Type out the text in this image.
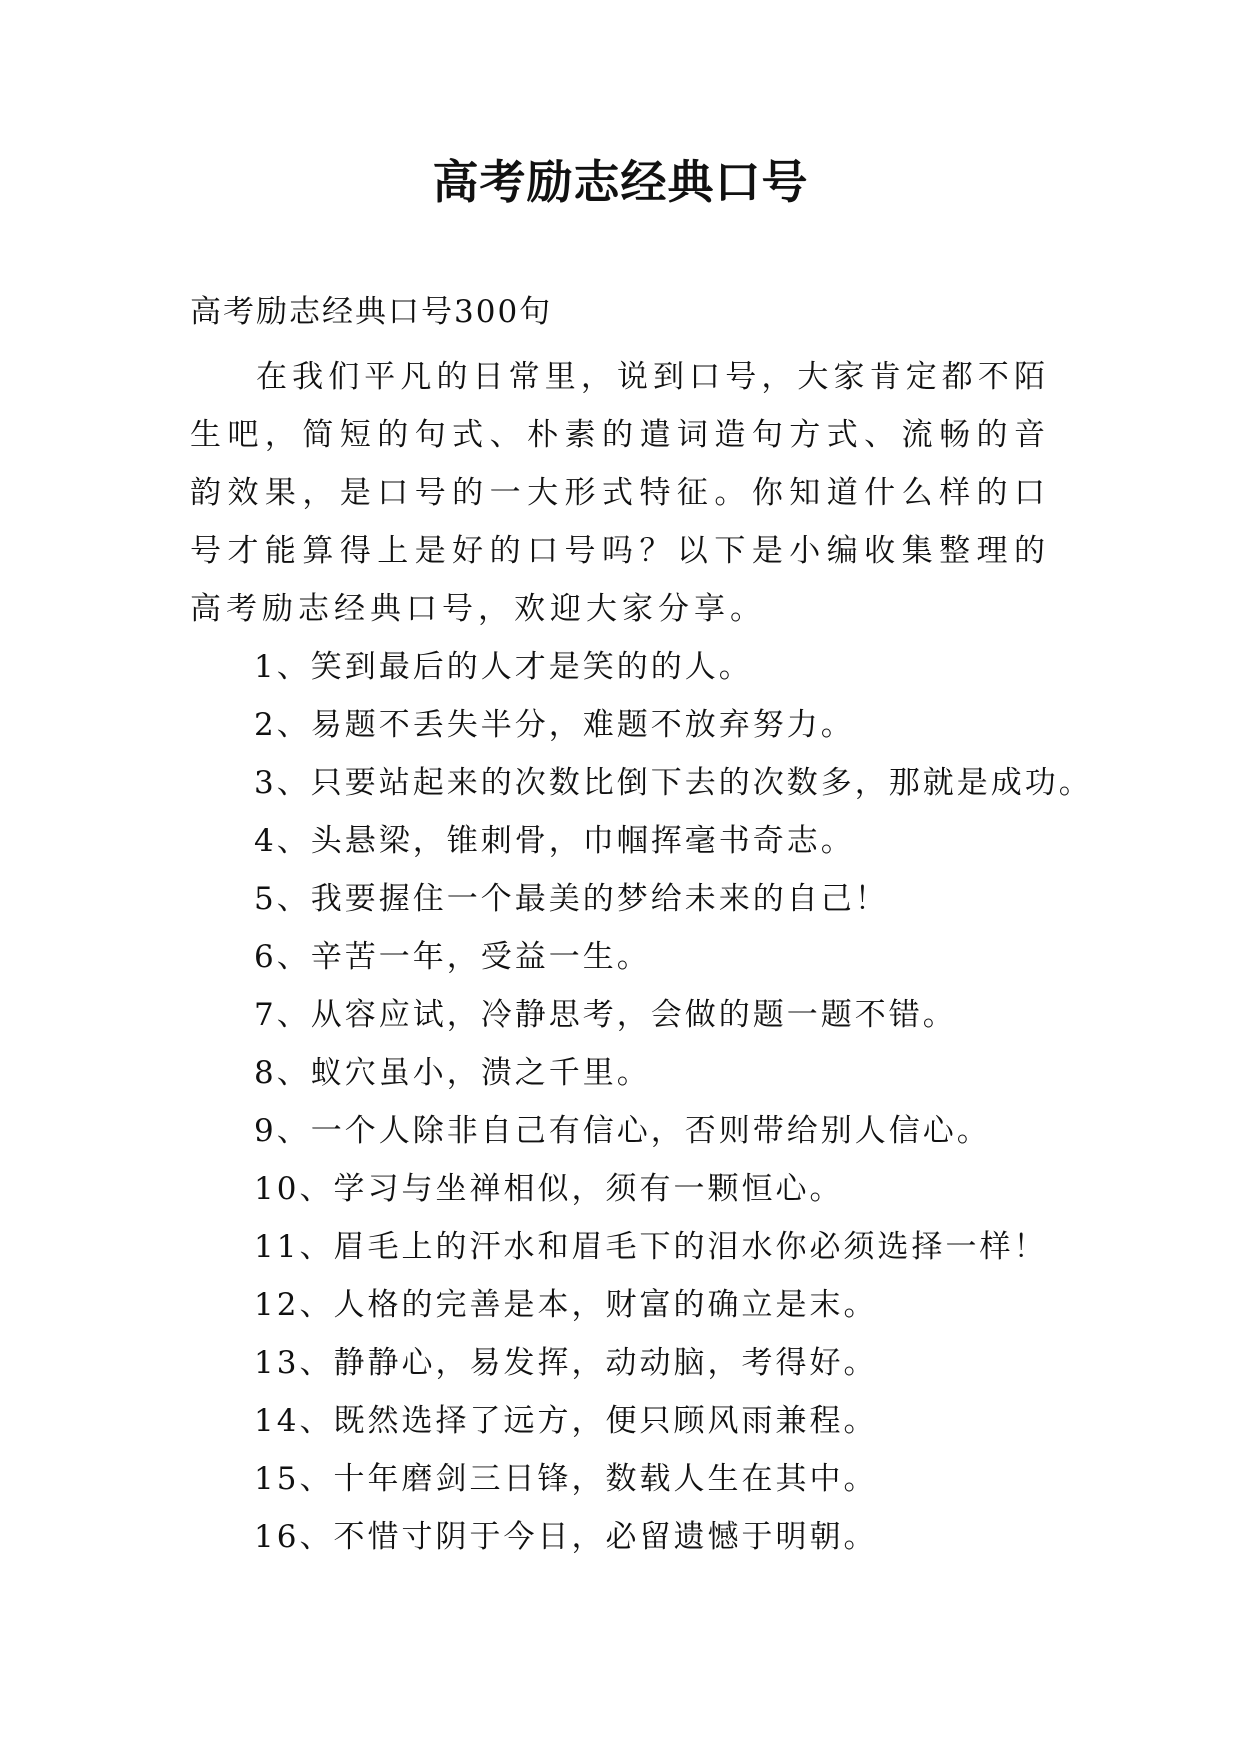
高考励志经典口号
高考励志经典口号300句

在我们平凡的日常里，说到口号，大家肯定都不陌生吧，简短的句式、朴素的遣词造句方式、流畅的音韵效果，是口号的一大形式特征。你知道什么样的口号才能算得上是好的口号吗？以下是小编收集整理的高考励志经典口号，欢迎大家分享。

1、笑到最后的人才是笑的的人。
2、易题不丢失半分，难题不放弃努力。
3、只要站起来的次数比倒下去的次数多，那就是成功。
4、头悬梁，锥刺骨，巾帼挥毫书奇志。
5、我要握住一个最美的梦给未来的自己！
6、辛苦一年，受益一生。
7、从容应试，冷静思考，会做的题一题不错。
8、蚁穴虽小，溃之千里。
9、一个人除非自己有信心，否则带给别人信心。
10、学习与坐禅相似，须有一颗恒心。
11、眉毛上的汗水和眉毛下的泪水你必须选择一样！
12、人格的完善是本，财富的确立是末。
13、静静心，易发挥，动动脑，考得好。
14、既然选择了远方，便只顾风雨兼程。
15、十年磨剑三日锋，数载人生在其中。
16、不惜寸阴于今日，必留遗憾于明朝。
